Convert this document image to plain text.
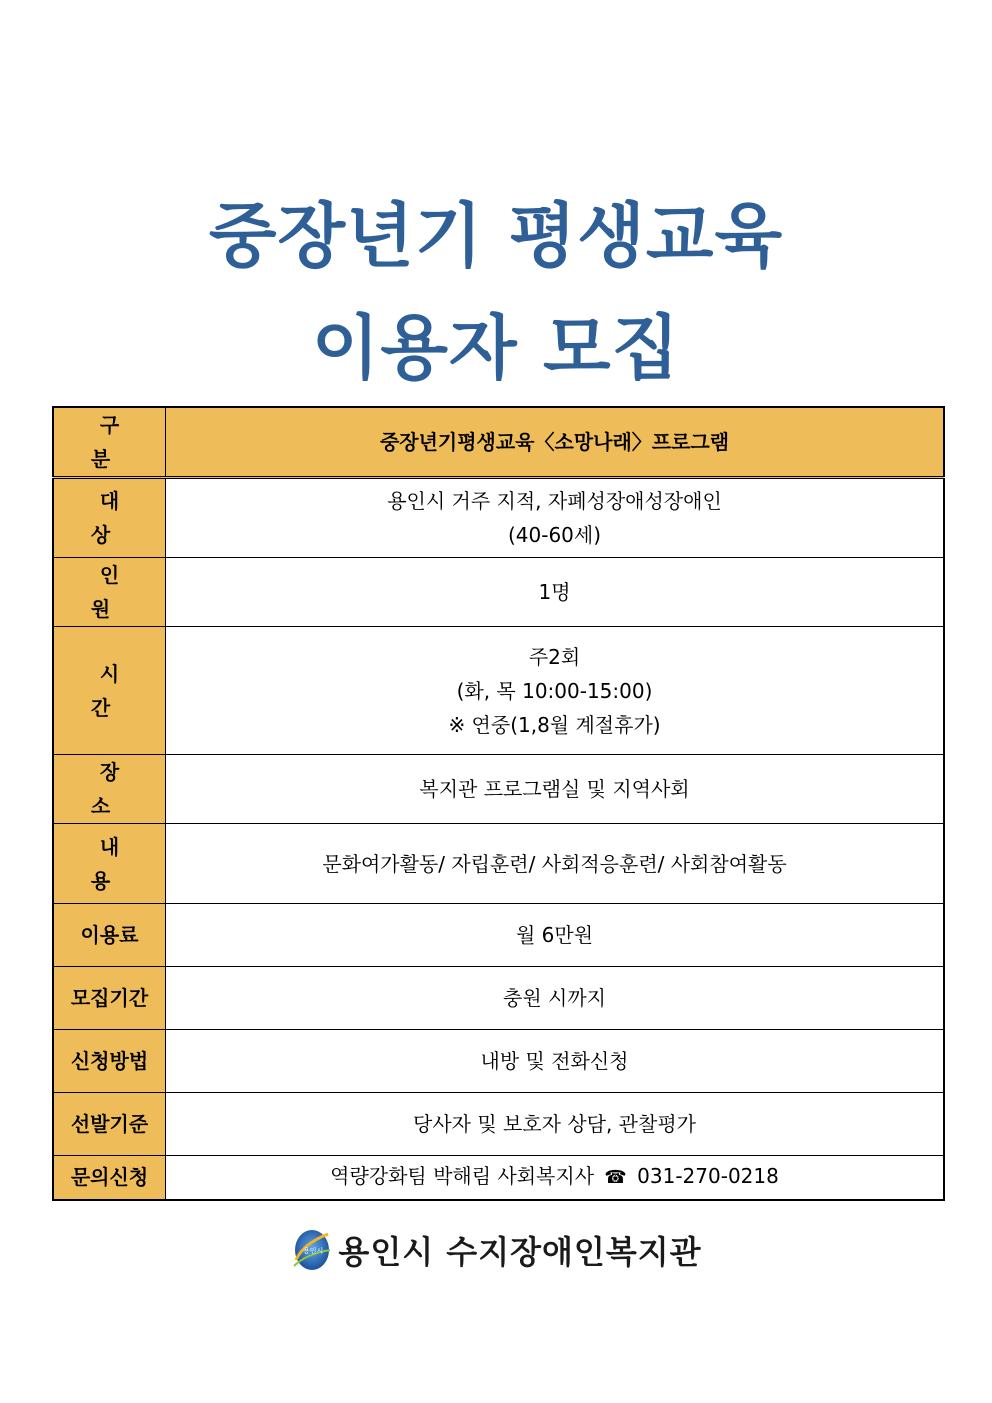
중장년기 평생교육
이용자 모집
구 분	중장년기평생교육〈소망나래〉프로그램
대 상	용인시 거주 지적, 자폐성장애성장애인
(40-60세)

인 원	1명
시 간	주2회
(화, 목 10:00-15:00)
※ 연중(1,8월 계절휴가)

장 소	복지관 프로그램실 및 지역사회
내 용	문화여가활동/ 자립훈련/ 사회적응훈련/ 사회참여활동
이용료	월 6만원
모집기간	충원 시까지
신청방법	내방 및 전화신청
선발기준	당사자 및 보호자 상담, 관찰평가
문의신청	역량강화팀 박해림 사회복지사 ☎ 031-270-0218
용인시 용인시 수지장애인복지관
